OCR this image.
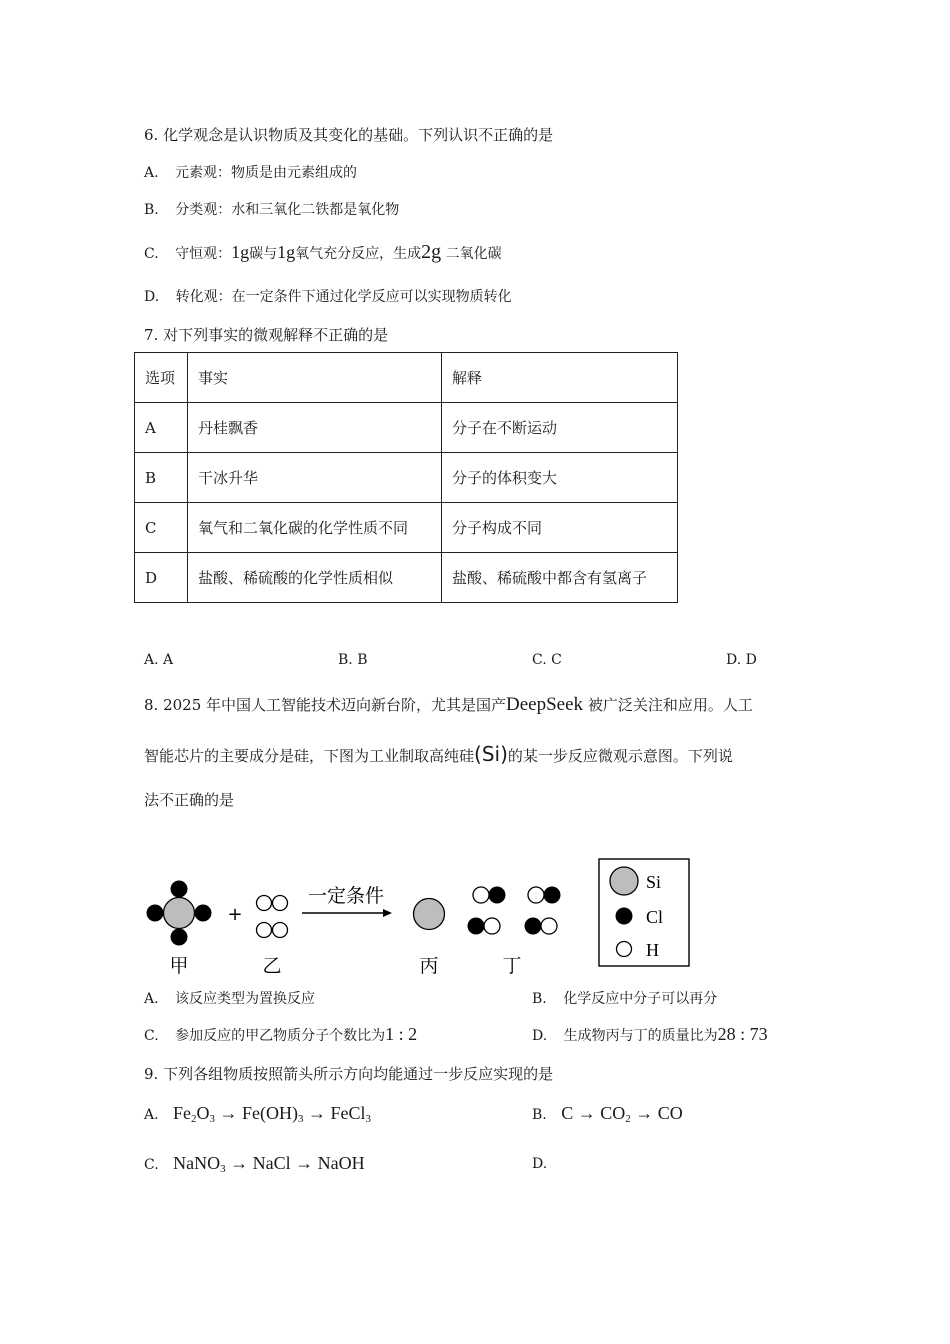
6. 化学观念是认识物质及其变化的基础。下列认识不正确的是
A. 元素观：物质是由元素组成的
B. 分类观：水和三氧化二铁都是氧化物
C. 守恒观：1g碳与1g氧气充分反应，生成2g 二氧化碳
D. 转化观：在一定条件下通过化学反应可以实现物质转化
7. 对下列事实的微观解释不正确的是
选项	事实	解释
A	丹桂飘香	分子在不断运动
B	干冰升华	分子的体积变大
C	氧气和二氧化碳的化学性质不同	分子构成不同
D	盐酸、稀硫酸的化学性质相似	盐酸、稀硫酸中都含有氢离子
A. A	B. B	C. C	D. D
8. 2025 年中国人工智能技术迈向新台阶，尤其是国产DeepSeek 被广泛关注和应用。人工
智能芯片的主要成分是硅，下图为工业制取高纯硅(Si)的某一步反应微观示意图。下列说
法不正确的是
+
一定条件
甲	乙	丙	丁
Si
Cl
H
A. 该反应类型为置换反应	B. 化学反应中分子可以再分
C. 参加反应的甲乙物质分子个数比为1 : 2	D. 生成物丙与丁的质量比为28 : 73
9. 下列各组物质按照箭头所示方向均能通过一步反应实现的是
A. $Fe_2O_3 \to Fe(OH)_3$ → FeCl$_3$	B. $C \to CO_2$ → CO
C. NaNO$_3$ → NaCl → NaOH	D.
